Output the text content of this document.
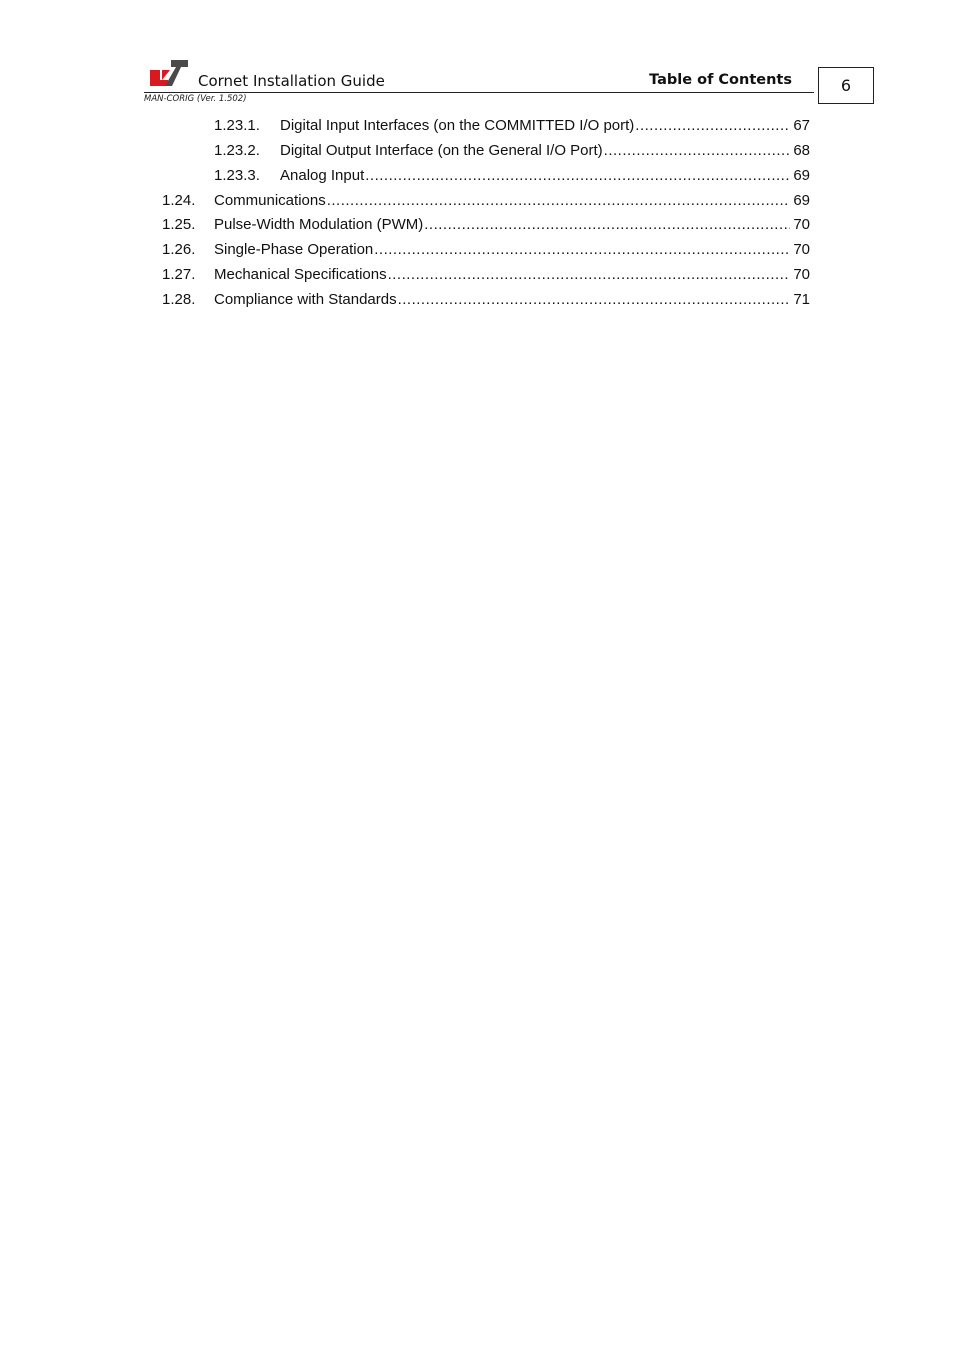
Cornet Installation Guide	Table of Contents
MAN-CORIG (Ver. 1.502)
6
1.23.1.	Digital Input Interfaces (on the COMMITTED I/O port) .....	67
1.23.2.	Digital Output Interface (on the General I/O Port) .....	68
1.23.3.	Analog Input .....	69
1.24.	Communications .....	69
1.25.	Pulse-Width Modulation (PWM) .....	70
1.26.	Single-Phase Operation .....	70
1.27.	Mechanical Specifications .....	70
1.28.	Compliance with Standards .....	71
